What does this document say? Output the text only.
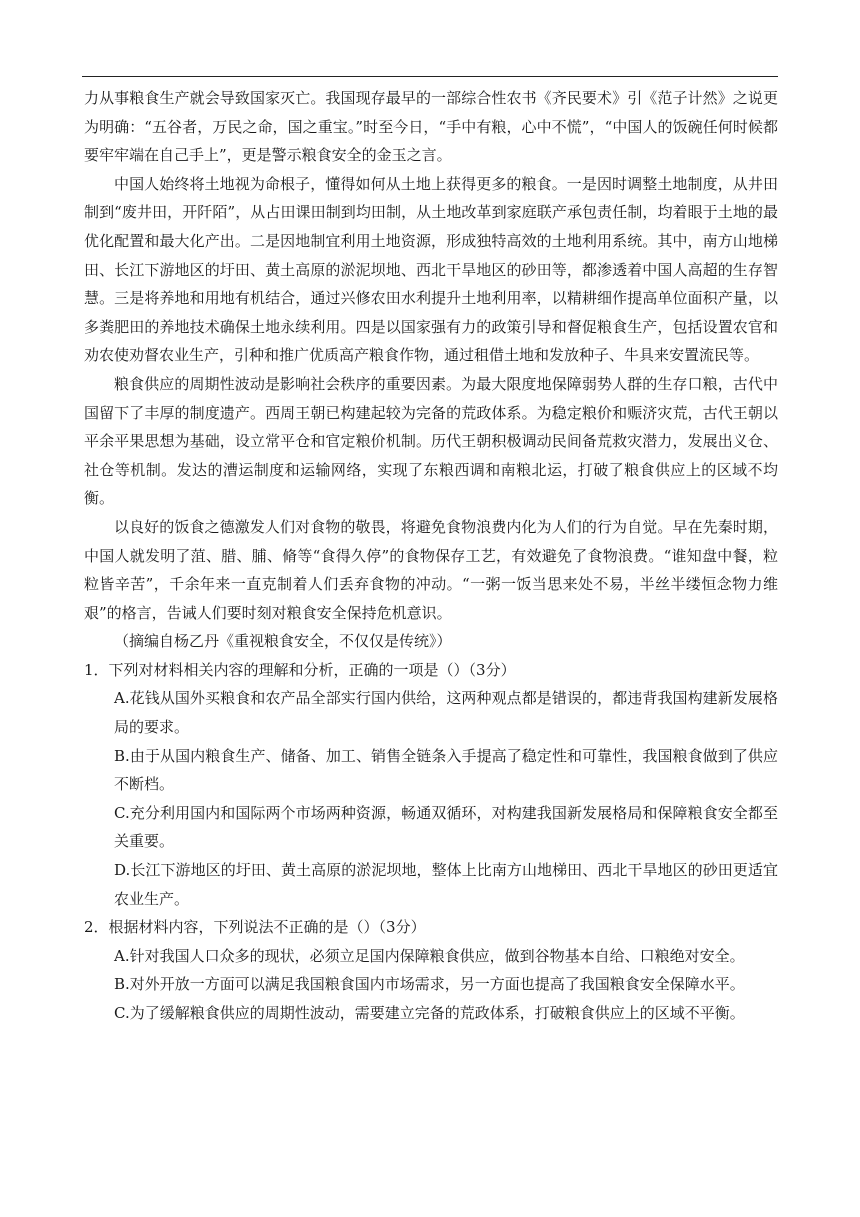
力从事粮食生产就会导致国家灭亡。我国现存最早的一部综合性农书《齐民要术》引《范子计然》之说更为明确：“五谷者，万民之命，国之重宝。”时至今日，“手中有粮，心中不慌”，“中国人的饭碗任何时候都要牢牢端在自己手上”，更是警示粮食安全的金玉之言。

中国人始终将土地视为命根子，懂得如何从土地上获得更多的粮食。一是因时调整土地制度，从井田制到“废井田，开阡陌”，从占田课田制到均田制，从土地改革到家庭联产承包责任制，均着眼于土地的最优化配置和最大化产出。二是因地制宜利用土地资源，形成独特高效的土地利用系统。其中，南方山地梯田、长江下游地区的圩田、黄土高原的淤泥坝地、西北干旱地区的砂田等，都渗透着中国人高超的生存智慧。三是将养地和用地有机结合，通过兴修农田水利提升土地利用率，以精耕细作提高单位面积产量，以多粪肥田的养地技术确保土地永续利用。四是以国家强有力的政策引导和督促粮食生产，包括设置农官和劝农使劝督农业生产，引种和推广优质高产粮食作物，通过租借土地和发放种子、牛具来安置流民等。

粮食供应的周期性波动是影响社会秩序的重要因素。为最大限度地保障弱势人群的生存口粮，古代中国留下了丰厚的制度遗产。西周王朝已构建起较为完备的荒政体系。为稳定粮价和赈济灾荒，古代王朝以平余平果思想为基础，设立常平仓和官定粮价机制。历代王朝积极调动民间备荒救灾潜力，发展出义仓、社仓等机制。发达的漕运制度和运输网络，实现了东粮西调和南粮北运，打破了粮食供应上的区域不均衡。

以良好的饭食之德激发人们对食物的敬畏，将避免食物浪费内化为人们的行为自觉。早在先秦时期，中国人就发明了菹、腊、脯、脩等“食得久停”的食物保存工艺，有效避免了食物浪费。“谁知盘中餐，粒粒皆辛苦”，千余年来一直克制着人们丢弃食物的冲动。“一粥一饭当思来处不易，半丝半缕恒念物力维艰”的格言，告诫人们要时刻对粮食安全保持危机意识。

（摘编自杨乙丹《重视粮食安全，不仅仅是传统》）

1．下列对材料相关内容的理解和分析，正确的一项是（）（3分）

A.花钱从国外买粮食和农产品全部实行国内供给，这两种观点都是错误的，都违背我国构建新发展格局的要求。

B.由于从国内粮食生产、储备、加工、销售全链条入手提高了稳定性和可靠性，我国粮食做到了供应不断档。

C.充分利用国内和国际两个市场两种资源，畅通双循环，对构建我国新发展格局和保障粮食安全都至关重要。

D.长江下游地区的圩田、黄土高原的淤泥坝地，整体上比南方山地梯田、西北干旱地区的砂田更适宜农业生产。

2．根据材料内容，下列说法不正确的是（）（3分）

A.针对我国人口众多的现状，必须立足国内保障粮食供应，做到谷物基本自给、口粮绝对安全。

B.对外开放一方面可以满足我国粮食国内市场需求，另一方面也提高了我国粮食安全保障水平。

C.为了缓解粮食供应的周期性波动，需要建立完备的荒政体系，打破粮食供应上的区域不平衡。
